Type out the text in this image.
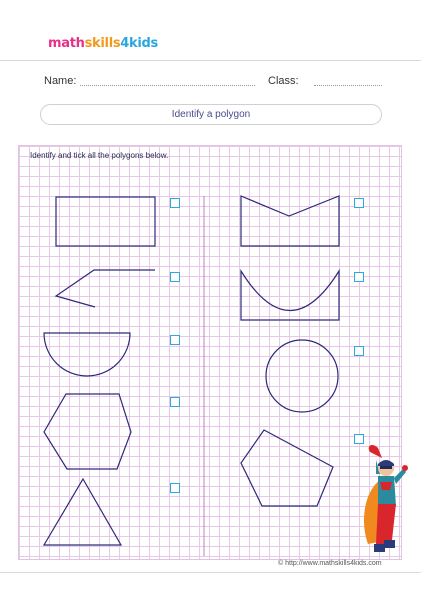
mathskills4kids
Name:	Class:
Identify a polygon
Identify and tick all the polygons below.
© http://www.mathskills4kids.com
